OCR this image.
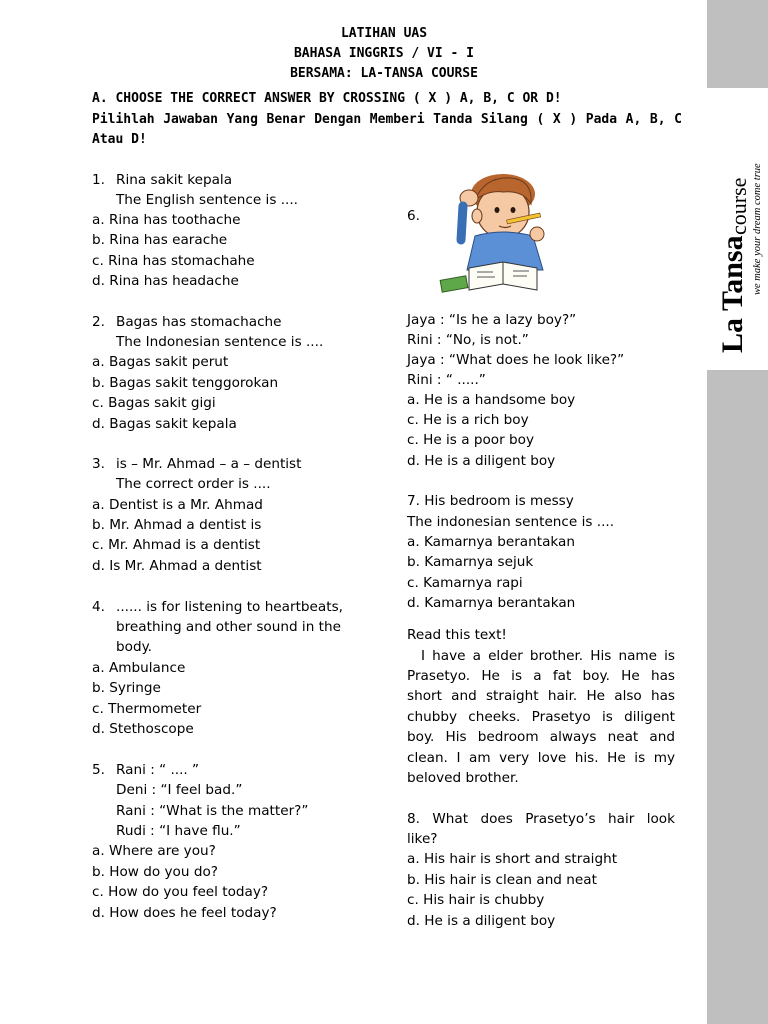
La Tansa
course we make your dream come true
LATIHAN UAS
BAHASA INGGRIS / VI - I
BERSAMA: LA-TANSA COURSE
A. CHOOSE THE CORRECT ANSWER BY CROSSING ( X ) A, B, C OR D!
Pilihlah Jawaban Yang Benar Dengan Memberi Tanda Silang ( X ) Pada A, B, C Atau D!
1. Rina sakit kepala
The English sentence is ....
a. Rina has toothache
b. Rina has earache
c. Rina has stomachahe
d. Rina has headache
2. Bagas has stomachache
The Indonesian sentence is ....
a. Bagas sakit perut
b. Bagas sakit tenggorokan
c. Bagas sakit gigi
d. Bagas sakit kepala
3. is – Mr. Ahmad – a – dentist
The correct order is ....
a. Dentist is a Mr. Ahmad
b. Mr. Ahmad a dentist is
c. Mr. Ahmad is a dentist
d. Is Mr. Ahmad a dentist
4. ...... is for listening to heartbeats,
breathing and other sound in the
body.
a. Ambulance
b. Syringe
c. Thermometer
d. Stethoscope
5. Rani : “ .... ”
Deni : “I feel bad.”
Rani : “What is the matter?”
Rudi : “I have flu.”
a. Where are you?
b. How do you do?
c. How do you feel today?
d. How does he feel today?
6.
Jaya : “Is he a lazy boy?”
Rini : “No, is not.”
Jaya : “What does he look like?”
Rini : “ .....”
a. He is a handsome boy
c. He is a rich boy
c. He is a poor boy
d. He is a diligent boy
7. His bedroom is messy
The indonesian sentence is ....
a. Kamarnya berantakan
b. Kamarnya sejuk
c. Kamarnya rapi
d. Kamarnya berantakan
Read this text!
I have a elder brother. His name is
Prasetyo. He is a fat boy. He has
short and straight hair. He also has
chubby cheeks. Prasetyo is diligent
boy. His bedroom always neat and
clean. I am very love his. He is my
beloved brother.
8. What does Prasetyo’s hair look
like?
a. His hair is short and straight
b. His hair is clean and neat
c. His hair is chubby
d. He is a diligent boy
